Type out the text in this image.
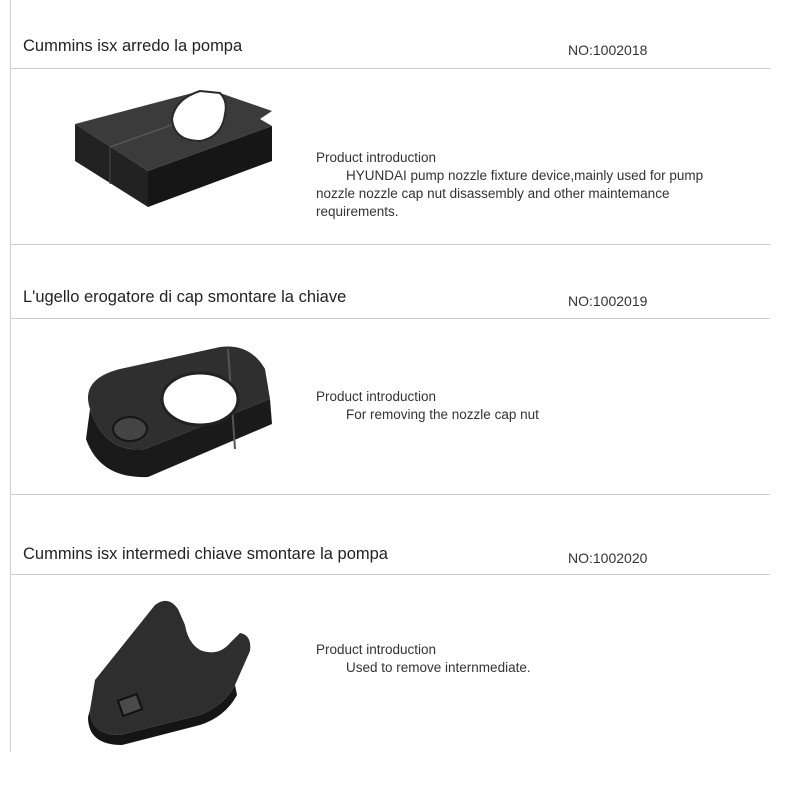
Cummins isx arredo la pompa	NO:1002018
Product introduction
HYUNDAI pump nozzle fixture device,mainly used for pump nozzle nozzle cap nut disassembly and other maintemance requirements.
L'ugello erogatore di cap smontare la chiave	NO:1002019
Product introduction
For removing the nozzle cap nut
Cummins isx intermedi chiave smontare la pompa	NO:1002020
Product introduction
Used to remove internmediate.
